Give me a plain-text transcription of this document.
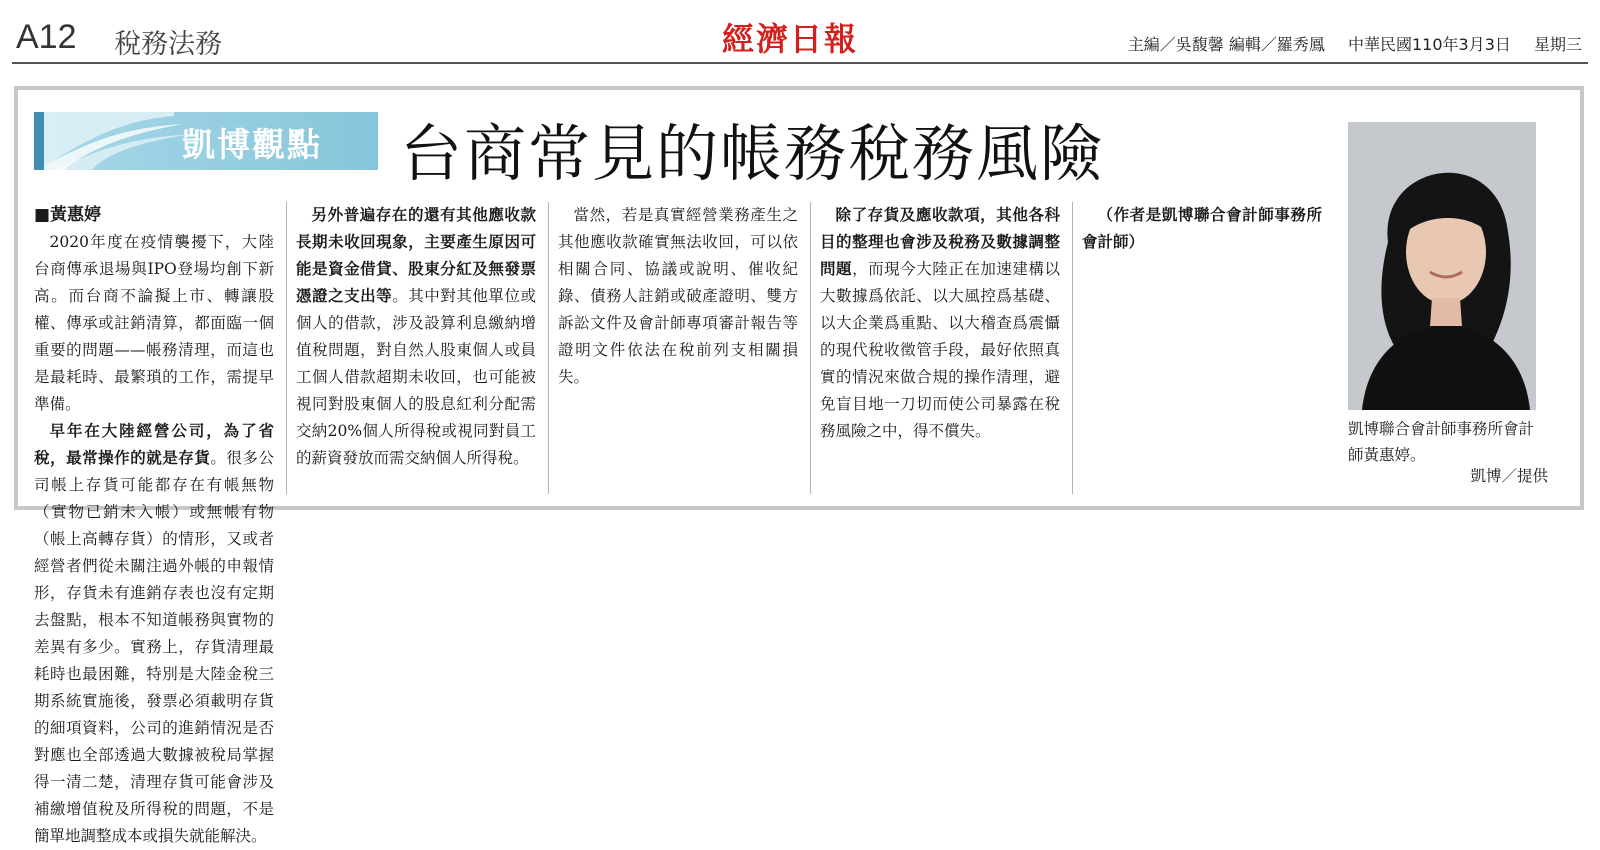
A12 稅務法務	經濟日報	主編／吳馥馨 編輯／羅秀鳳 中華民國110年3月3日 星期三
凱博觀點 台商常見的帳務稅務風險

■黃惠婷

2020年度在疫情襲擾下，大陸台商傳承退場與IPO登場均創下新高。而台商不論擬上市、轉讓股權、傳承或註銷清算，都面臨一個重要的問題——帳務清理，而這也是最耗時、最繁瑣的工作，需提早準備。

早年在大陸經營公司，為了省稅，最常操作的就是存貨。很多公司帳上存貨可能都存在有帳無物（實物已銷未入帳）或無帳有物（帳上高轉存貨）的情形，又或者經營者們從未關注過外帳的申報情形，存貨未有進銷存表也沒有定期去盤點，根本不知道帳務與實物的差異有多少。實務上，存貨清理最耗時也最困難，特別是大陸金稅三期系統實施後，發票必須載明存貨的細項資料，公司的進銷情況是否對應也全部透過大數據被稅局掌握得一清二楚，清理存貨可能會涉及補繳增值稅及所得稅的問題，不是簡單地調整成本或損失就能解決。

另外普遍存在的還有其他應收款長期未收回現象，主要產生原因可能是資金借貸、股東分紅及無發票憑證之支出等。其中對其他單位或個人的借款，涉及設算利息繳納增值稅問題，對自然人股東個人或員工個人借款超期未收回，也可能被視同對股東個人的股息紅利分配需交納20%個人所得稅或視同對員工的薪資發放而需交納個人所得稅。

當然，若是真實經營業務產生之其他應收款確實無法收回，可以依相關合同、協議或說明、催收紀錄、債務人註銷或破產證明、雙方訴訟文件及會計師專項審計報告等證明文件依法在稅前列支相關損失。

除了存貨及應收款項，其他各科目的整理也會涉及稅務及數據調整問題，而現今大陸正在加速建構以大數據爲依託、以大風控爲基礎、以大企業爲重點、以大稽查爲震懾的現代稅收徵管手段，最好依照真實的情況來做合規的操作清理，避免盲目地一刀切而使公司暴露在稅務風險之中，得不償失。

（作者是凱博聯合會計師事務所會計師）

凱博聯合會計師事務所會計師黃惠婷。
凱博／提供
